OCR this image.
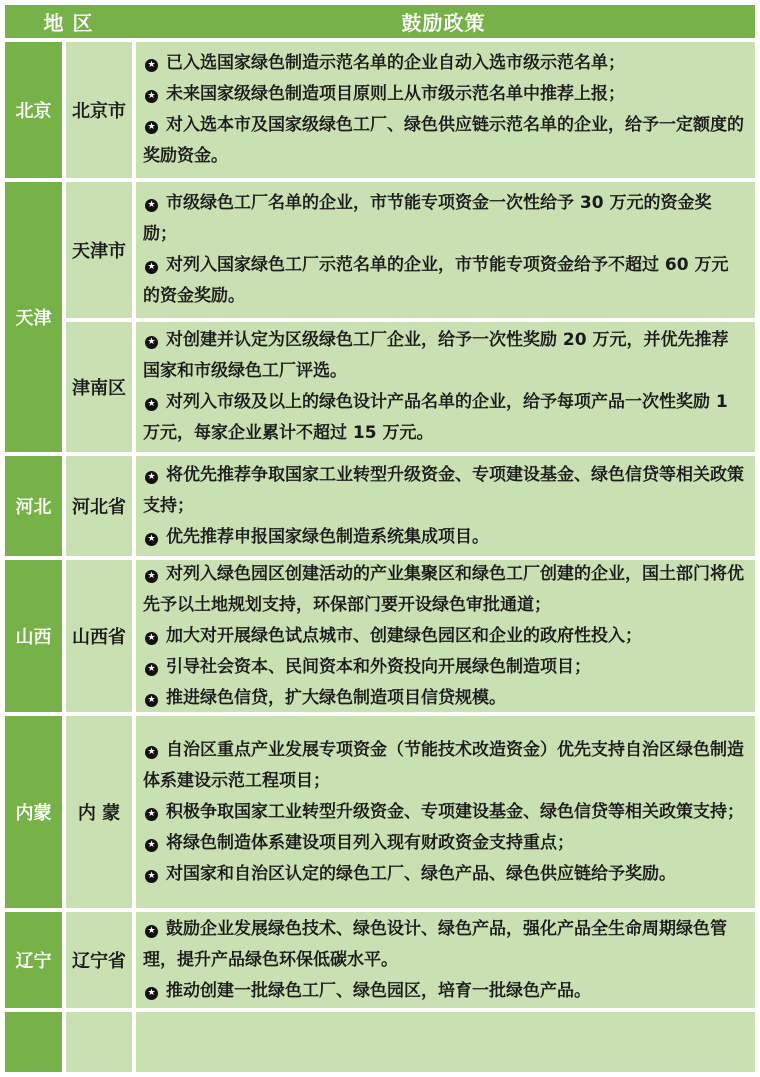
地 区	鼓励政策
北京 北京市

★ 已入选国家绿色制造示范名单的企业自动入选市级示范名单；

★ 未来国家级绿色制造项目原则上从市级示范名单中推荐上报；

★ 对入选本市及国家级绿色工厂、绿色供应链示范名单的企业，给予一定额度的奖励资金。

天津
天津市

★ 市级绿色工厂名单的企业，市节能专项资金一次性给予 30 万元的资金奖励；

★ 对列入国家绿色工厂示范名单的企业，市节能专项资金给予不超过 60 万元的资金奖励。

津南区

★ 对创建并认定为区级绿色工厂企业，给予一次性奖励 20 万元，并优先推荐国家和市级绿色工厂评选。

★ 对列入市级及以上的绿色设计产品名单的企业，给予每项产品一次性奖励 1 万元，每家企业累计不超过 15 万元。

河北 河北省

★ 将优先推荐争取国家工业转型升级资金、专项建设基金、绿色信贷等相关政策支持；

★ 优先推荐申报国家绿色制造系统集成项目。

山西 山西省

★ 对列入绿色园区创建活动的产业集聚区和绿色工厂创建的企业，国土部门将优先予以土地规划支持，环保部门要开设绿色审批通道；

★ 加大对开展绿色试点城市、创建绿色园区和企业的政府性投入；

★ 引导社会资本、民间资本和外资投向开展绿色制造项目；

★ 推进绿色信贷，扩大绿色制造项目信贷规模。

内蒙 内 蒙

★ 自治区重点产业发展专项资金（节能技术改造资金）优先支持自治区绿色制造体系建设示范工程项目；

★ 积极争取国家工业转型升级资金、专项建设基金、绿色信贷等相关政策支持；

★ 将绿色制造体系建设项目列入现有财政资金支持重点；

★ 对国家和自治区认定的绿色工厂、绿色产品、绿色供应链给予奖励。

辽宁 辽宁省

★ 鼓励企业发展绿色技术、绿色设计、绿色产品，强化产品全生命周期绿色管理，提升产品绿色环保低碳水平。

★ 推动创建一批绿色工厂、绿色园区，培育一批绿色产品。
